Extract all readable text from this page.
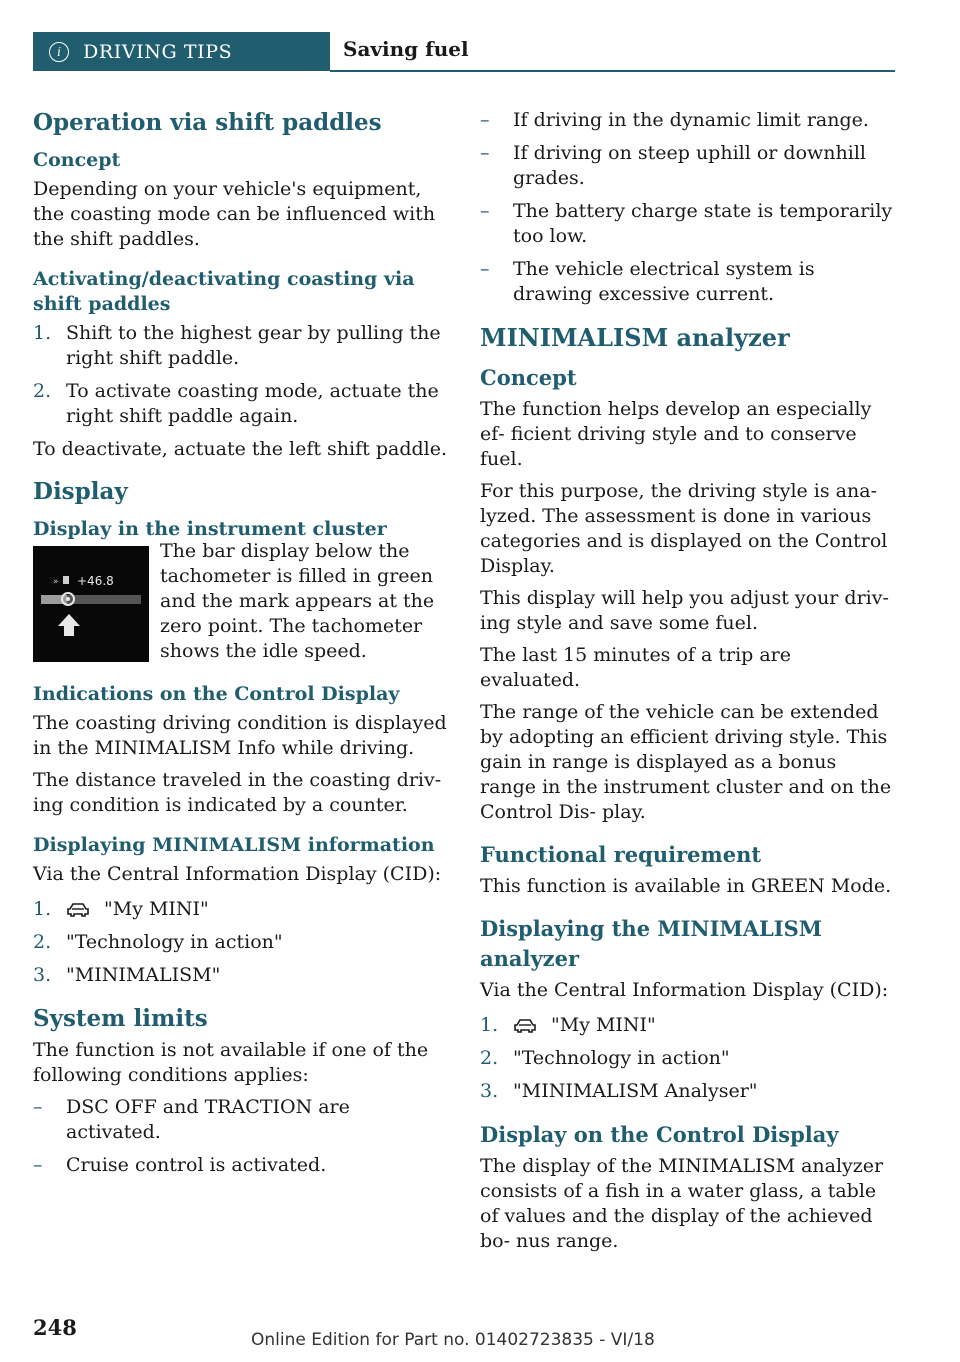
i	DRIVING TIPS	Saving fuel
Operation via shift paddles
Concept

Depending on your vehicle's equipment, the coasting mode can be influenced with the shift paddles.

Activating/deactivating coasting via shift paddles
1. Shift to the highest gear by pulling the right shift paddle.
2. To activate coasting mode, actuate the right shift paddle again.

To deactivate, actuate the left shift paddle.

Display
Display in the instrument cluster
» +46.8
The bar display below the tachometer is filled in green and the mark appears at the zero point. The tachometer shows the idle speed.
Indications on the Control Display

The coasting driving condition is displayed in the MINIMALISM Info while driving.

The distance traveled in the coasting driv‐ ing condition is indicated by a counter.

Displaying MINIMALISM information

Via the Central Information Display (CID):

1.	"My MINI"
2. "Technology in action"
3. "MINIMALISM"
System limits

The function is not available if one of the following conditions applies:

– DSC OFF and TRACTION are activated.
– Cruise control is activated.
– If driving in the dynamic limit range.
– If driving on steep uphill or downhill grades.
– The battery charge state is temporarily too low.
– The vehicle electrical system is drawing excessive current.
MINIMALISM analyzer
Concept

The function helps develop an especially ef‐ ficient driving style and to conserve fuel.

For this purpose, the driving style is ana‐ lyzed. The assessment is done in various categories and is displayed on the Control Display.

This display will help you adjust your driv‐ ing style and save some fuel.

The last 15 minutes of a trip are evaluated.

The range of the vehicle can be extended by adopting an efficient driving style. This gain in range is displayed as a bonus range in the instrument cluster and on the Control Dis‐ play.

Functional requirement

This function is available in GREEN Mode.

Displaying the MINIMALISM analyzer

Via the Central Information Display (CID):

1.	"My MINI"
2. "Technology in action"
3. "MINIMALISM Analyser"
Display on the Control Display

The display of the MINIMALISM analyzer consists of a fish in a water glass, a table of values and the display of the achieved bo‐ nus range.

248	Online Edition for Part no. 01402723835 - VI/18
